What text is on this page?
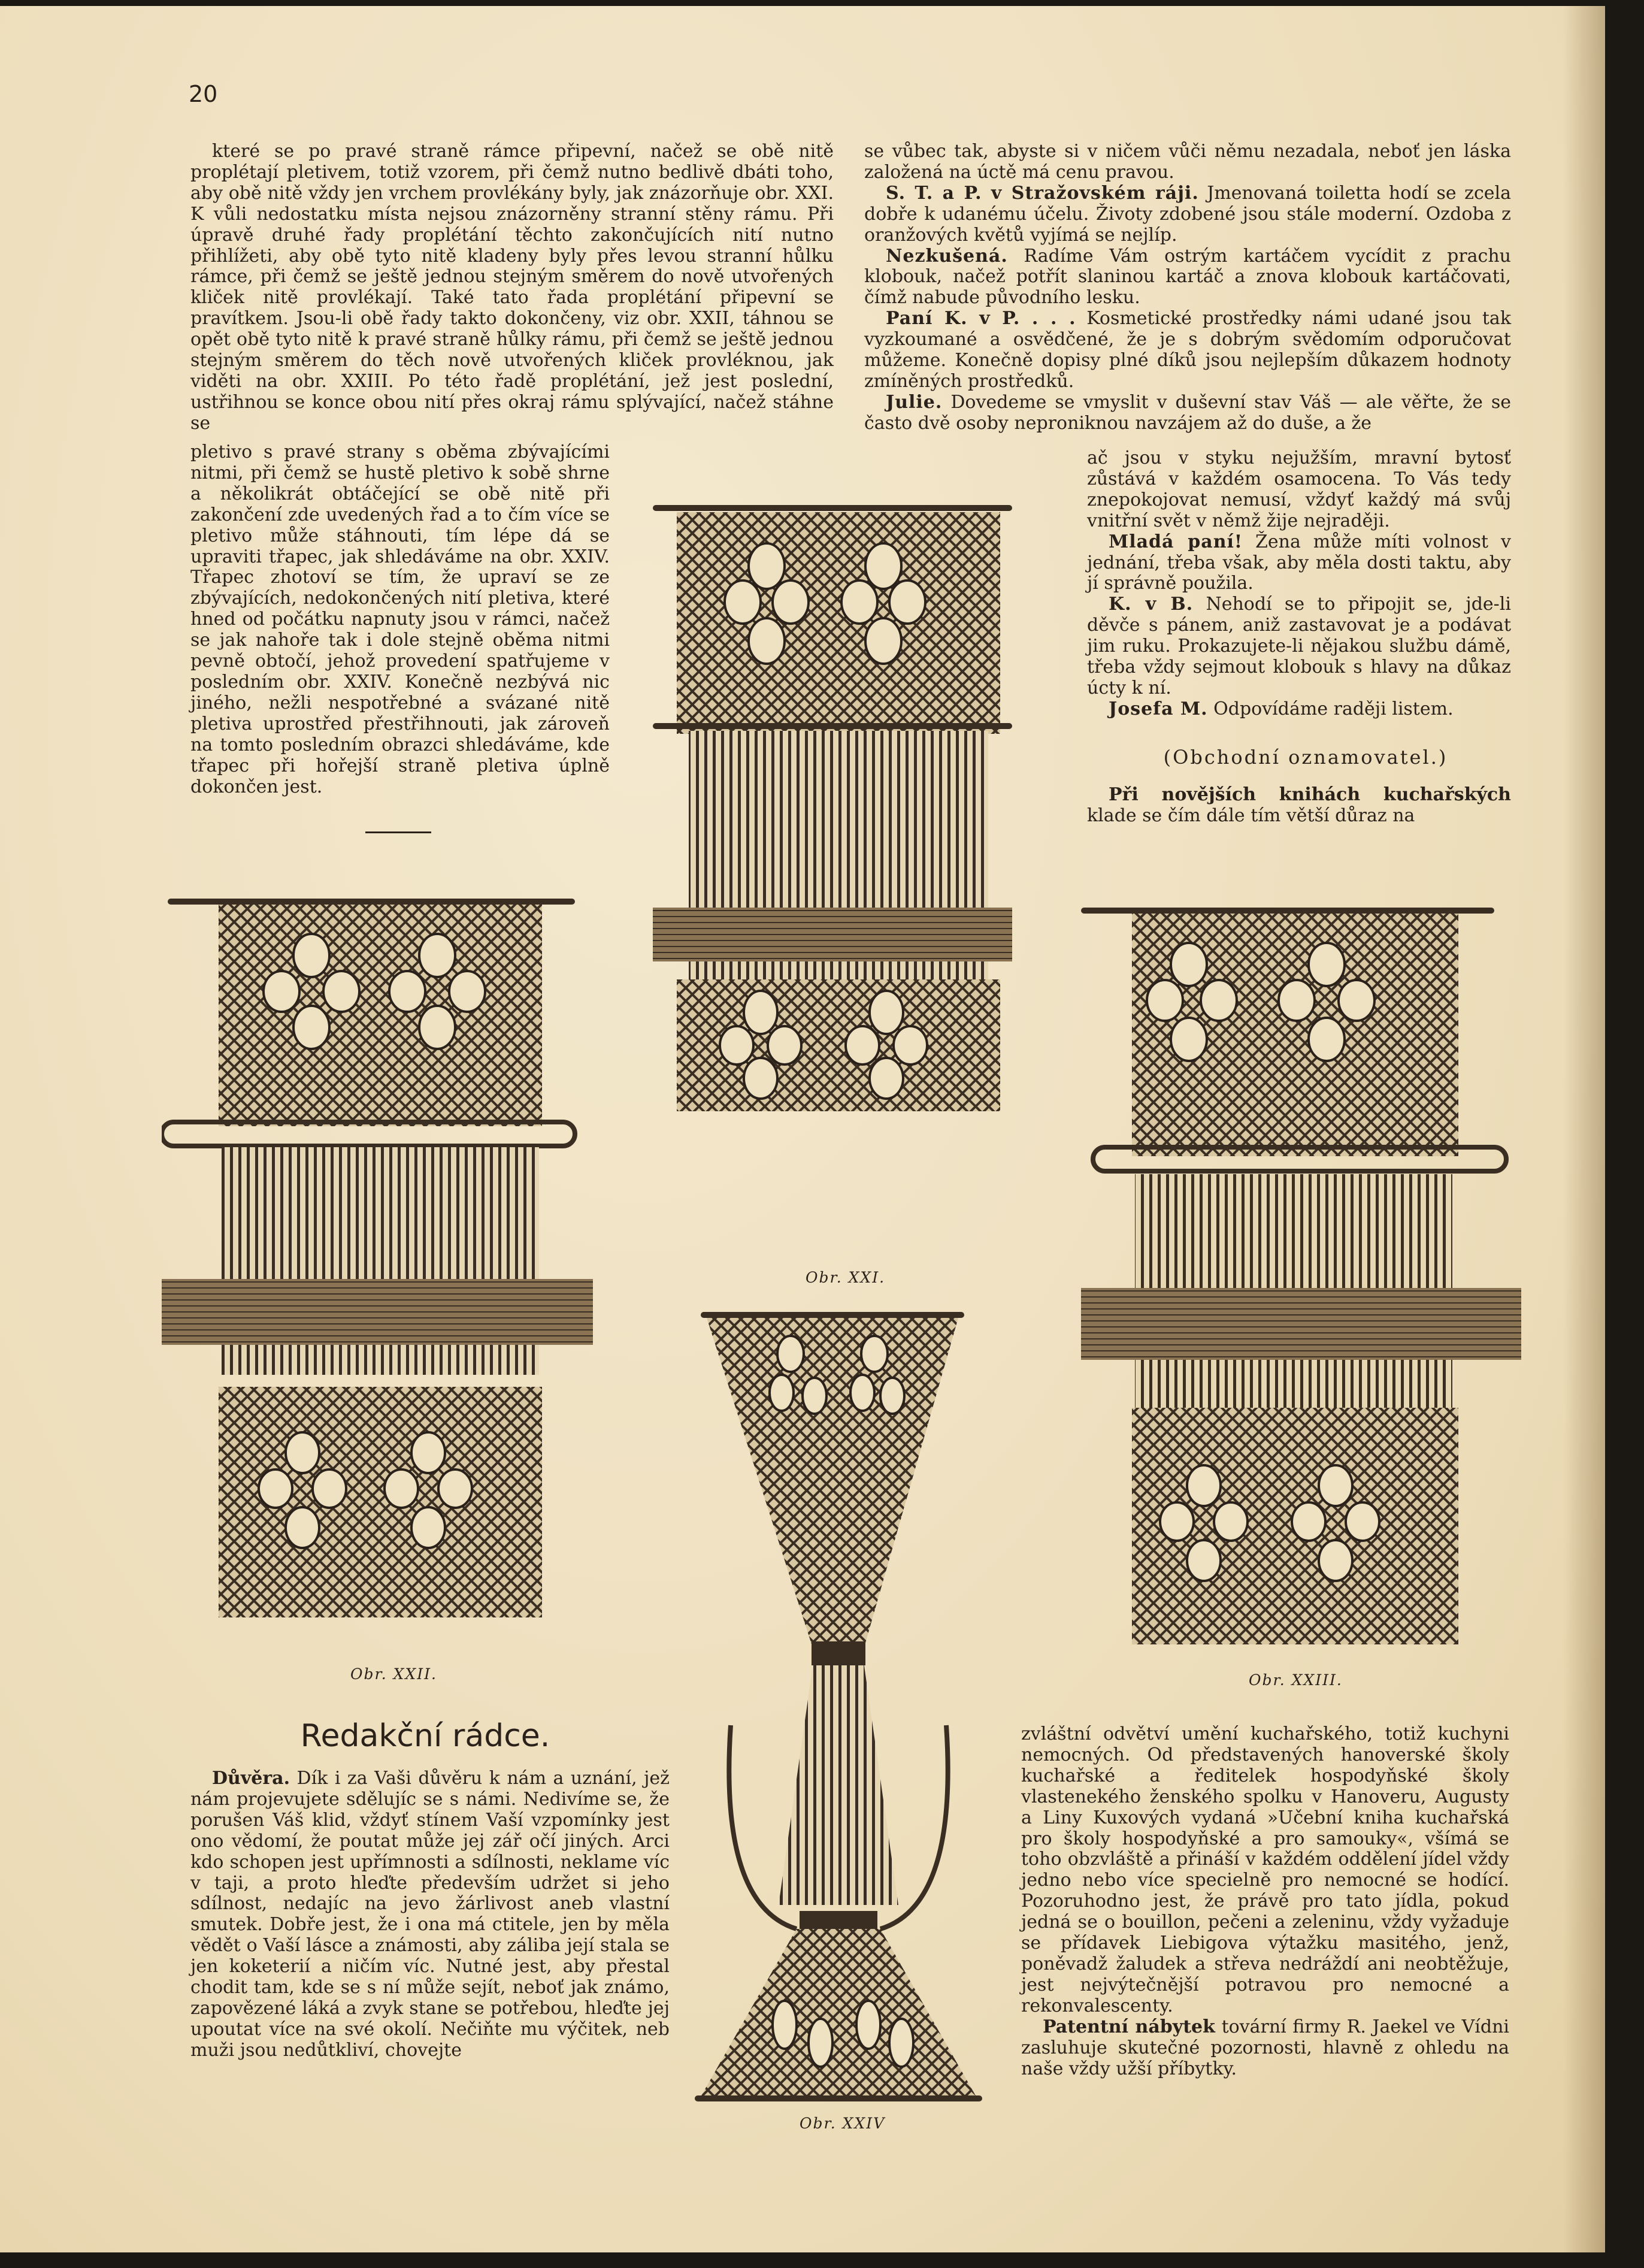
20

které se po pravé straně rámce připevní, načež se obě nitě proplétají pletivem, totiž vzorem, při čemž nutno bedlivě dbáti toho, aby obě nitě vždy jen vrchem provlékány byly, jak znázorňuje obr. XXI. K vůli nedostatku místa nejsou znázorněny stranní stěny rámu. Při úpravě druhé řady proplétání těchto zakončujících nití nutno přihlížeti, aby obě tyto nitě kladeny byly přes levou stranní hůlku rámce, při čemž se ještě jednou stejným směrem do nově utvořených kliček nitě provlékají. Také tato řada proplétání připevní se pravítkem. Jsou-li obě řady takto dokončeny, viz obr. XXII, táhnou se opět obě tyto nitě k pravé straně hůlky rámu, při čemž se ještě jednou stejným směrem do těch nově utvořených kliček provléknou, jak viděti na obr. XXIII. Po této řadě proplétání, jež jest poslední, ustřihnou se konce obou nití přes okraj rámu splývající, načež stáhne se

pletivo s pravé strany s oběma zbývajícími nitmi, při čemž se hustě pletivo k sobě shrne a několikrát obtáčející se obě nitě při zakončení zde uvedených řad a to čím více se pletivo může stáhnouti, tím lépe dá se upraviti třapec, jak shledáváme na obr. XXIV. Třapec zhotoví se tím, že upraví se ze zbývajících, nedokončených nití pletiva, které hned od počátku napnuty jsou v rámci, načež se jak nahoře tak i dole stejně oběma nitmi pevně obtočí, jehož provedení spatřujeme v posledním obr. XXIV. Konečně nezbývá nic jiného, nežli nespotřebné a svázané nitě pletiva uprostřed přestřihnouti, jak zároveň na tomto posledním obrazci shledáváme, kde třapec při hořejší straně pletiva úplně dokončen jest.

se vůbec tak, abyste si v ničem vůči němu nezadala, neboť jen láska založená na úctě má cenu pravou.

S. T. a P. v Stražovském ráji. Jmenovaná toiletta hodí se zcela dobře k udanému účelu. Životy zdobené jsou stále moderní. Ozdoba z oranžových květů vyjímá se nejlíp.

Nezkušená. Radíme Vám ostrým kartáčem vycídit z prachu klobouk, načež potřít slaninou kartáč a znova klobouk kartáčovati, čímž nabude původního lesku.

Paní K. v P. . . . Kosmetické prostředky námi udané jsou tak vyzkoumané a osvědčené, že je s dobrým svědomím odporučovat můžeme. Konečně dopisy plné díků jsou nejlepším důkazem hodnoty zmíněných prostředků.

Julie. Dovedeme se vmyslit v duševní stav Váš — ale věřte, že se často dvě osoby neproniknou navzájem až do duše, a že

ač jsou v styku nejužším, mravní bytosť zůstává v každém osamocena. To Vás tedy znepokojovat nemusí, vždyť každý má svůj vnitřní svět v němž žije nejraději.

Mladá paní! Žena může míti volnost v jednání, třeba však, aby měla dosti taktu, aby jí správně použila.

K. v B. Nehodí se to připojit se, jde-li děvče s pánem, aniž zastavovat je a podávat jim ruku. Prokazujete-li nějakou službu dámě, třeba vždy sejmout klobouk s hlavy na důkaz úcty k ní.

Josefa M. Odpovídáme raději listem.

(Obchodní oznamovatel.)

Při novějších knihách kuchařských klade se čím dále tím větší důraz na

Redakční rádce.

Důvěra. Dík i za Vaši důvěru k nám a uznání, jež nám projevujete sdělujíc se s námi. Nedivíme se, že porušen Váš klid, vždyť stínem Vaší vzpomínky jest ono vědomí, že poutat může jej zář očí jiných. Arci kdo schopen jest upřímnosti a sdílnosti, neklame víc v taji, a proto hleďte především udržet si jeho sdílnost, nedajíc na jevo žárlivost aneb vlastní smutek. Dobře jest, že i ona má ctitele, jen by měla vědět o Vaší lásce a známosti, aby záliba její stala se jen koketerií a ničím víc. Nutné jest, aby přestal chodit tam, kde se s ní může sejít, neboť jak známo, zapovězené láká a zvyk stane se potřebou, hleďte jej upoutat více na své okolí. Nečiňte mu výčitek, neb muži jsou nedůtkliví, chovejte

zvláštní odvětví umění kuchařského, totiž kuchyni nemocných. Od představených hanoverské školy kuchařské a ředitelek hospodyňské školy vlastenekého ženského spolku v Hanoveru, Augusty a Liny Kuxových vydaná »Učební kniha kuchařská pro školy hospodyňské a pro samouky«, všímá se toho obzvláště a přináší v každém oddělení jídel vždy jedno nebo více specielně pro nemocné se hodící. Pozoruhodno jest, že právě pro tato jídla, pokud jedná se o bouillon, pečeni a zeleninu, vždy vyžaduje se přídavek Liebigova výtažku masitého, jenž, poněvadž žaludek a střeva nedráždí ani neobtěžuje, jest nejvýtečnější potravou pro nemocné a rekonvalescenty.

Patentní nábytek továrnı́ firmy R. Jaekel ve Vídni zasluhuje skutečné pozornosti, hlavně z ohledu na naše vždy užší příbytky.

Obr. XXI.
Obr. XXII.	Obr. XXIII.
Obr. XXIV
